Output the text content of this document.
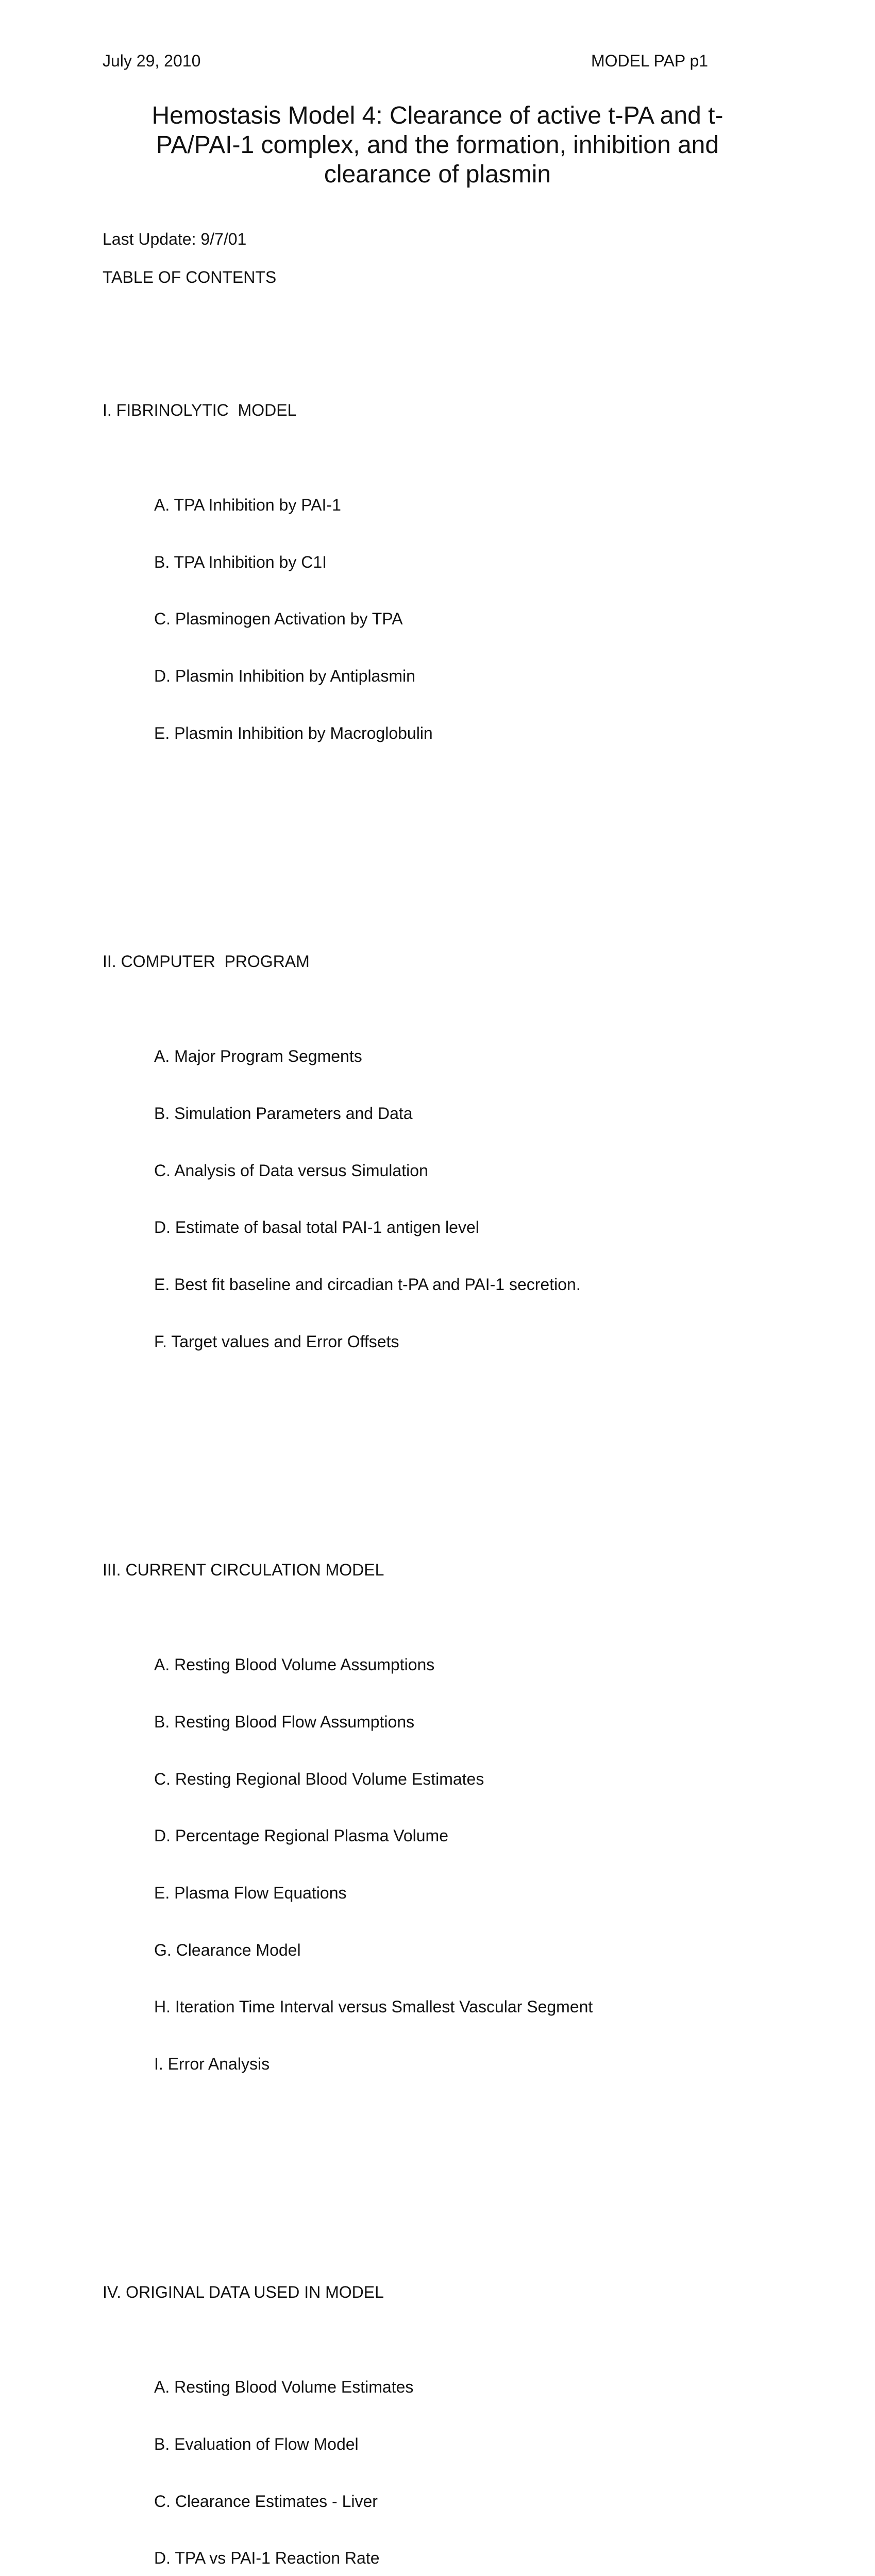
July 29, 2010	MODEL PAP p1
Hemostasis Model 4: Clearance of active t-PA and t-
PA/PAI-1 complex, and the formation, inhibition and
clearance of plasmin
Last Update: 9/7/01
TABLE OF CONTENTS

I. FIBRINOLYTIC  MODEL

A. TPA Inhibition by PAI-1

B. TPA Inhibition by C1I

C. Plasminogen Activation by TPA

D. Plasmin Inhibition by Antiplasmin

E. Plasmin Inhibition by Macroglobulin

II. COMPUTER  PROGRAM

A. Major Program Segments

B. Simulation Parameters and Data

C. Analysis of Data versus Simulation

D. Estimate of basal total PAI-1 antigen level

E. Best fit baseline and circadian t-PA and PAI-1 secretion.

F. Target values and Error Offsets

III. CURRENT CIRCULATION MODEL

A. Resting Blood Volume Assumptions

B. Resting Blood Flow Assumptions

C. Resting Regional Blood Volume Estimates

D. Percentage Regional Plasma Volume

E. Plasma Flow Equations

G. Clearance Model

H. Iteration Time Interval versus Smallest Vascular Segment

I. Error Analysis

IV. ORIGINAL DATA USED IN MODEL

A. Resting Blood Volume Estimates

B. Evaluation of Flow Model

C. Clearance Estimates - Liver

D. TPA vs PAI-1 Reaction Rate
